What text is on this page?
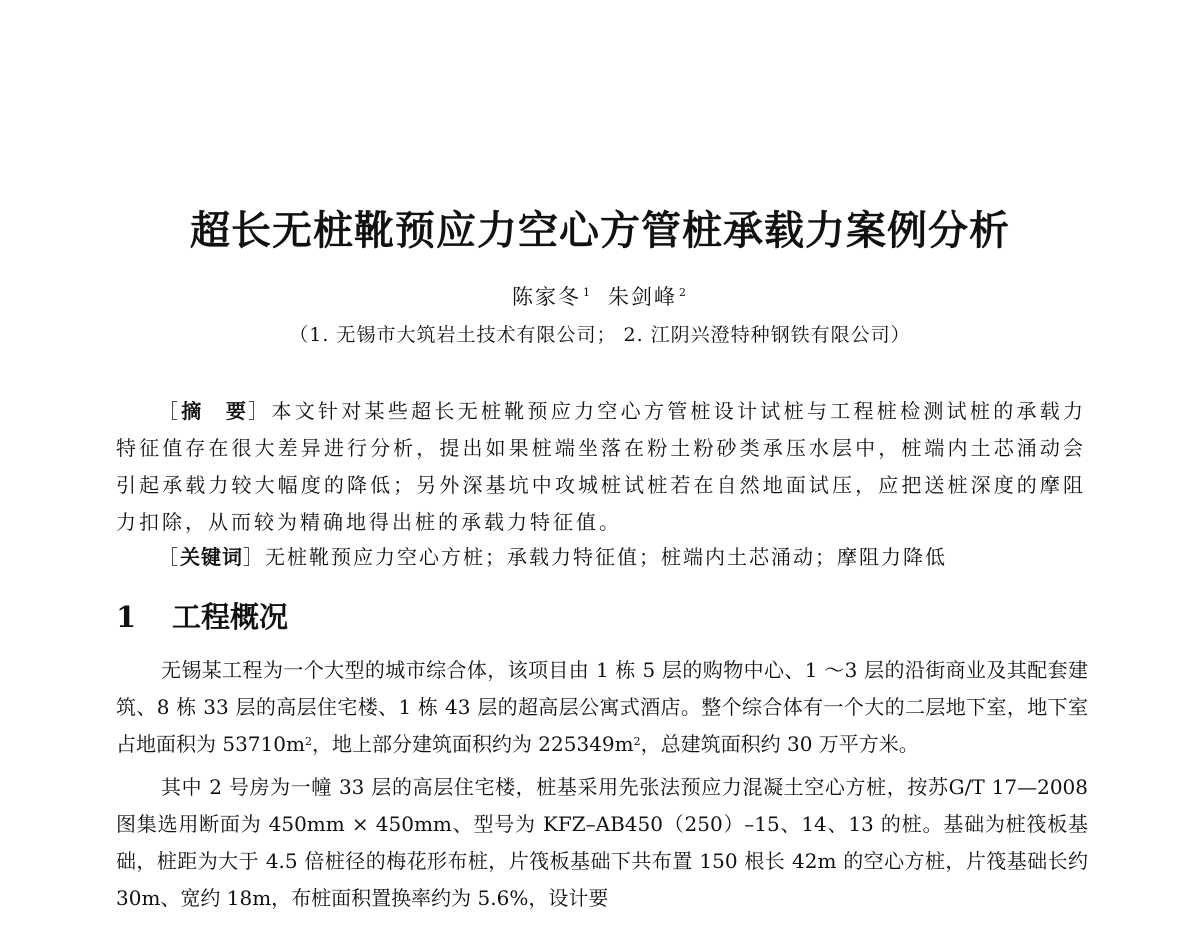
超长无桩靴预应力空心方管桩承载力案例分析
陈家冬 $^1$ 朱剑峰 $^2$
（1. 无锡市大筑岩土技术有限公司； 2. 江阴兴澄特种钢铁有限公司）

［摘　要］本文针对某些超长无桩靴预应力空心方管桩设计试桩与工程桩检测试桩的承载力特征值存在很大差异进行分析，提出如果桩端坐落在粉土粉砂类承压水层中，桩端内土芯涌动会引起承载力较大幅度的降低；另外深基坑中攻城桩试桩若在自然地面试压，应把送桩深度的摩阻力扣除，从而较为精确地得出桩的承载力特征值。

［关键词］无桩靴预应力空心方桩；承载力特征值；桩端内土芯涌动；摩阻力降低
1 工程概况

无锡某工程为一个大型的城市综合体，该项目由 1 栋 5 层的购物中心、1 ～3 层的沿街商业及其配套建筑、8 栋 33 层的高层住宅楼、1 栋 43 层的超高层公寓式酒店。整个综合体有一个大的二层地下室，地下室占地面积为 $53710m^2$，地上部分建筑面积约为 $225349m^2$，总建筑面积约 30 万平方米。

其中 2 号房为一幢 33 层的高层住宅楼，桩基采用先张法预应力混凝土空心方桩，按苏G/T 17—2008 图集选用断面为 450mm × 450mm、型号为 KFZ–AB450（250）–15、14、13 的桩。基础为桩筏板基础，桩距为大于 4.5 倍桩径的梅花形布桩，片筏板基础下共布置 150 根长 42m 的空心方桩，片筏基础长约 30m、宽约 18m，布桩面积置换率约为 5.6%，设计要
